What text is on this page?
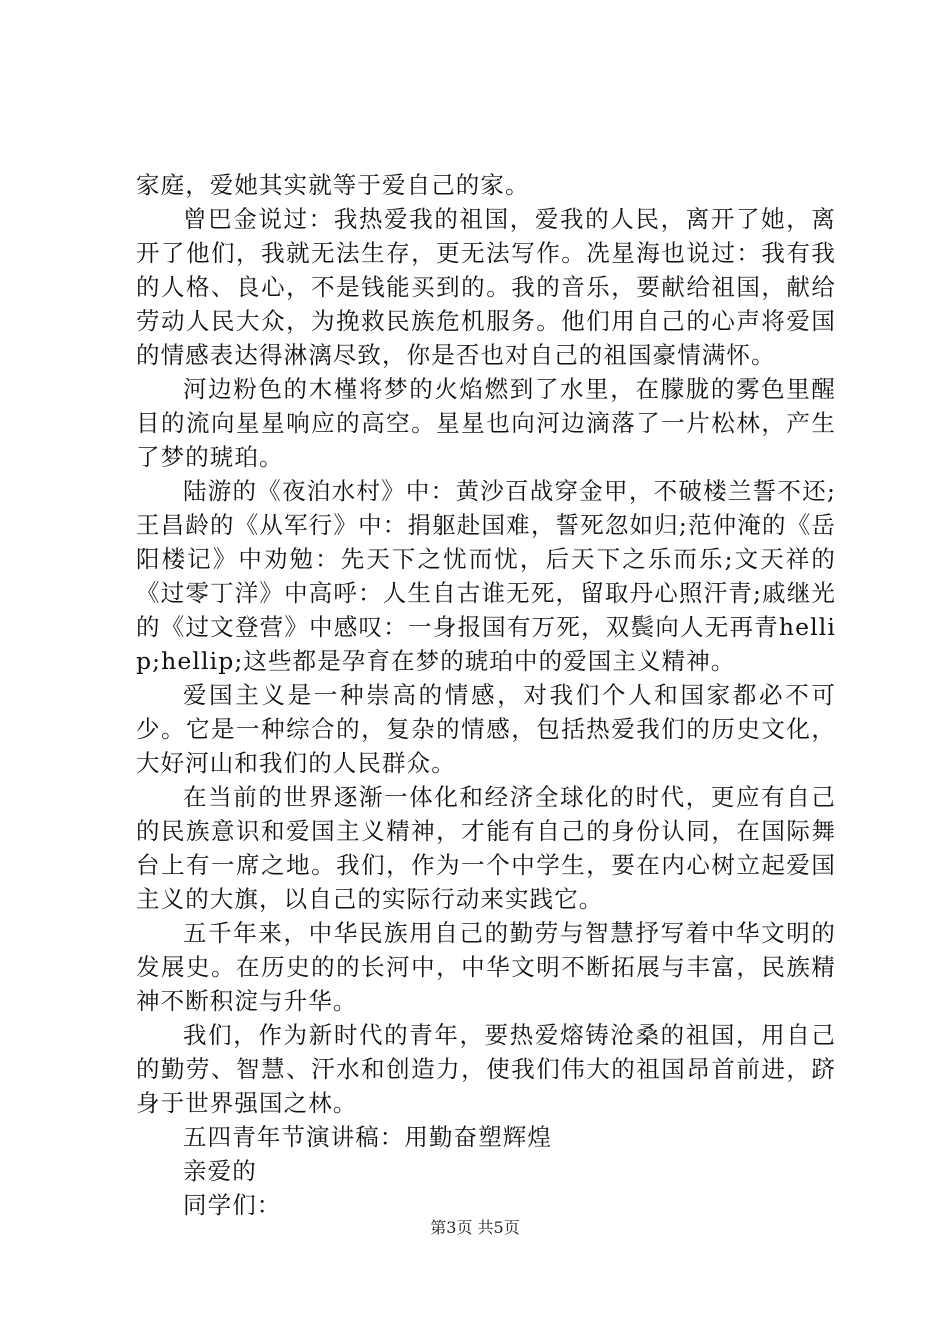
家庭，爱她其实就等于爱自己的家。

曾巴金说过：我热爱我的祖国，爱我的人民，离开了她，离开了他们，我就无法生存，更无法写作。冼星海也说过：我有我的人格、良心，不是钱能买到的。我的音乐，要献给祖国，献给劳动人民大众，为挽救民族危机服务。他们用自己的心声将爱国的情感表达得淋漓尽致，你是否也对自己的祖国豪情满怀。

河边粉色的木槿将梦的火焰燃到了水里，在朦胧的雾色里醒目的流向星星响应的高空。星星也向河边滴落了一片松林，产生了梦的琥珀。

陆游的《夜泊水村》中：黄沙百战穿金甲，不破楼兰誓不还;王昌龄的《从军行》中：捐躯赴国难，誓死忽如归;范仲淹的《岳阳楼记》中劝勉：先天下之忧而忧，后天下之乐而乐;文天祥的《过零丁洋》中高呼：人生自古谁无死，留取丹心照汗青;戚继光的《过文登营》中感叹：一身报国有万死，双鬓向人无再青hellip;hellip;这些都是孕育在梦的琥珀中的爱国主义精神。

爱国主义是一种崇高的情感，对我们个人和国家都必不可少。它是一种综合的，复杂的情感，包括热爱我们的历史文化，大好河山和我们的人民群众。

在当前的世界逐渐一体化和经济全球化的时代，更应有自己的民族意识和爱国主义精神，才能有自己的身份认同，在国际舞台上有一席之地。我们，作为一个中学生，要在内心树立起爱国主义的大旗，以自己的实际行动来实践它。

五千年来，中华民族用自己的勤劳与智慧抒写着中华文明的发展史。在历史的的长河中，中华文明不断拓展与丰富，民族精神不断积淀与升华。

我们，作为新时代的青年，要热爱熔铸沧桑的祖国，用自己的勤劳、智慧、汗水和创造力，使我们伟大的祖国昂首前进，跻身于世界强国之林。

五四青年节演讲稿：用勤奋塑辉煌

亲爱的

同学们：

第3页 共5页
